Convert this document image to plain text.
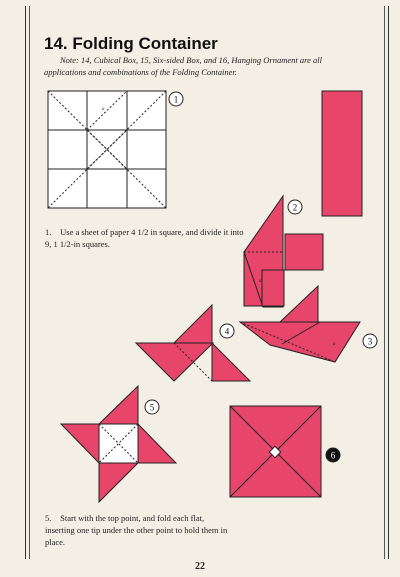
14. Folding Container
Note: 14, Cubical Box, 15, Six-sided Box, and 16, Hanging Ornament are all applications and combinations of the Folding Container.
1
2
3
4
5
6
a
a
a
1. Use a sheet of paper 4 1/2 in square, and divide it into 9, 1 1/2-in squares.
5. Start with the top point, and fold each flat, inserting one tip under the other point to hold them in place.
22
